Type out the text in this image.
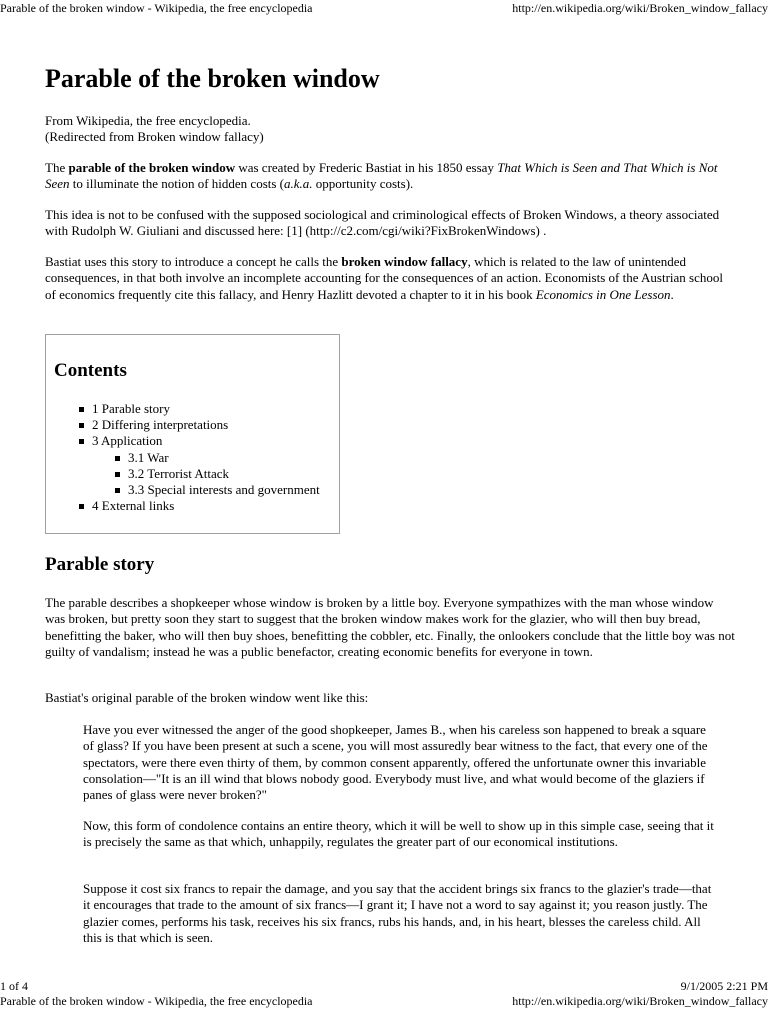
Parable of the broken window - Wikipedia, the free encyclopedia	http://en.wikipedia.org/wiki/Broken_window_fallacy
Parable of the broken window

From Wikipedia, the free encyclopedia.
(Redirected from Broken window fallacy)

The parable of the broken window was created by Frederic Bastiat in his 1850 essay That Which is Seen and That Which is Not Seen to illuminate the notion of hidden costs (a.k.a. opportunity costs).

This idea is not to be confused with the supposed sociological and criminological effects of Broken Windows, a theory associated with Rudolph W. Giuliani and discussed here: [1] (http://c2.com/cgi/wiki?FixBrokenWindows) .

Bastiat uses this story to introduce a concept he calls the broken window fallacy, which is related to the law of unintended consequences, in that both involve an incomplete accounting for the consequences of an action. Economists of the Austrian school of economics frequently cite this fallacy, and Henry Hazlitt devoted a chapter to it in his book Economics in One Lesson.

Contents
1 Parable story
2 Differing interpretations
3 Application
3.1 War
3.2 Terrorist Attack
3.3 Special interests and government
4 External links
Parable story

The parable describes a shopkeeper whose window is broken by a little boy. Everyone sympathizes with the man whose window was broken, but pretty soon they start to suggest that the broken window makes work for the glazier, who will then buy bread, benefitting the baker, who will then buy shoes, benefitting the cobbler, etc. Finally, the onlookers conclude that the little boy was not guilty of vandalism; instead he was a public benefactor, creating economic benefits for everyone in town.

Bastiat's original parable of the broken window went like this:

Have you ever witnessed the anger of the good shopkeeper, James B., when his careless son happened to break a square of glass? If you have been present at such a scene, you will most assuredly bear witness to the fact, that every one of the spectators, were there even thirty of them, by common consent apparently, offered the unfortunate owner this invariable consolation—"It is an ill wind that blows nobody good. Everybody must live, and what would become of the glaziers if panes of glass were never broken?"

Now, this form of condolence contains an entire theory, which it will be well to show up in this simple case, seeing that it is precisely the same as that which, unhappily, regulates the greater part of our economical institutions.

Suppose it cost six francs to repair the damage, and you say that the accident brings six francs to the glazier's trade—that it encourages that trade to the amount of six francs—I grant it; I have not a word to say against it; you reason justly. The glazier comes, performs his task, receives his six francs, rubs his hands, and, in his heart, blesses the careless child. All this is that which is seen.

1 of 4	9/1/2005 2:21 PM
Parable of the broken window - Wikipedia, the free encyclopedia	http://en.wikipedia.org/wiki/Broken_window_fallacy
